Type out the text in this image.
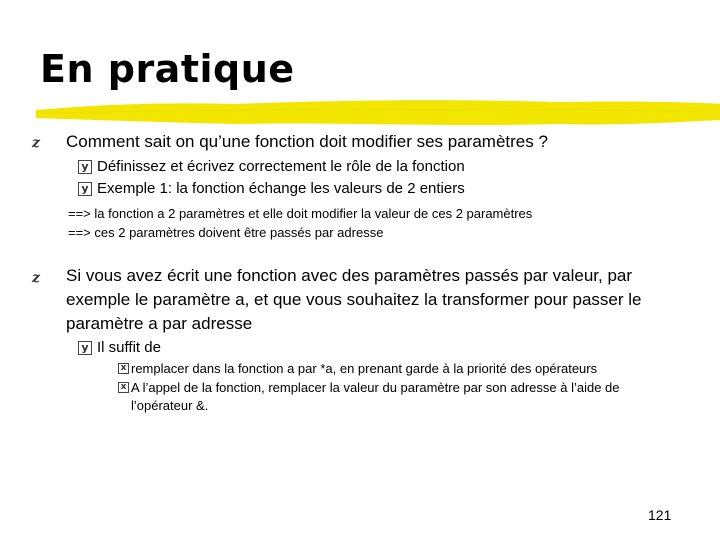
En pratique
z Comment sait on qu’une fonction doit modifier ses paramètres ?
y Définissez et écrivez correctement le rôle de la fonction
y Exemple 1: la fonction échange les valeurs de 2 entiers
==> la fonction a 2 paramètres et elle doit modifier la valeur de ces 2 paramètres
==> ces 2 paramètres doivent être passés par adresse
z Si vous avez écrit une fonction avec des paramètres passés par valeur, par
exemple le paramètre a, et que vous souhaitez la transformer pour passer le
paramètre a par adresse
y Il suffit de
x remplacer dans la fonction a par *a, en prenant garde à la priorité des opérateurs
x A l’appel de la fonction, remplacer la valeur du paramètre par son adresse à l’aide de
l’opérateur &.
121
